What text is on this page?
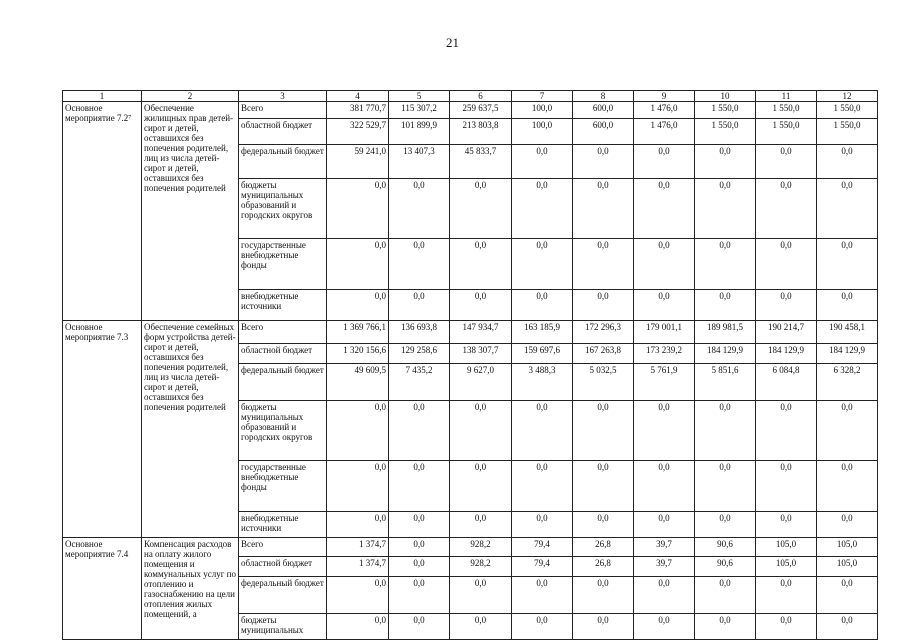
21
1	2	3	4	5	6	7	8	9	10	11	12
Основное мероприятие 7.2⁷	Обеспечение жилищных прав детей-сирот и детей, оставшихся без попечения родителей, лиц из числа детей-сирот и детей, оставшихся без попечения родителей	Всего	381 770,7	115 307,2	259 637,5	100,0	600,0	1 476,0	1 550,0	1 550,0	1 550,0
		областной бюджет	322 529,7	101 899,9	213 803,8	100,0	600,0	1 476,0	1 550,0	1 550,0	1 550,0
		федеральный бюджет	59 241,0	13 407,3	45 833,7	0,0	0,0	0,0	0,0	0,0	0,0
		бюджеты муниципальных образований и городских округов	0,0	0,0	0,0	0,0	0,0	0,0	0,0	0,0	0,0
		государственные внебюджетные фонды	0,0	0,0	0,0	0,0	0,0	0,0	0,0	0,0	0,0
		внебюджетные источники	0,0	0,0	0,0	0,0	0,0	0,0	0,0	0,0	0,0
Основное мероприятие 7.3	Обеспечение семейных форм устройства детей-сирот и детей, оставшихся без попечения родителей, лиц из числа детей-сирот и детей, оставшихся без попечения родителей	Всего	1 369 766,1	136 693,8	147 934,7	163 185,9	172 296,3	179 001,1	189 981,5	190 214,7	190 458,1
		областной бюджет	1 320 156,6	129 258,6	138 307,7	159 697,6	167 263,8	173 239,2	184 129,9	184 129,9	184 129,9
		федеральный бюджет	49 609,5	7 435,2	9 627,0	3 488,3	5 032,5	5 761,9	5 851,6	6 084,8	6 328,2
		бюджеты муниципальных образований и городских округов	0,0	0,0	0,0	0,0	0,0	0,0	0,0	0,0	0,0
		государственные внебюджетные фонды	0,0	0,0	0,0	0,0	0,0	0,0	0,0	0,0	0,0
		внебюджетные источники	0,0	0,0	0,0	0,0	0,0	0,0	0,0	0,0	0,0
Основное мероприятие 7.4	Компенсация расходов на оплату жилого помещения и коммунальных услуг по отоплению и газоснабжению на цели отопления жилых помещений, а	Всего	1 374,7	0,0	928,2	79,4	26,8	39,7	90,6	105,0	105,0
		областной бюджет	1 374,7	0,0	928,2	79,4	26,8	39,7	90,6	105,0	105,0
		федеральный бюджет	0,0	0,0	0,0	0,0	0,0	0,0	0,0	0,0	0,0
		бюджеты муниципальных	0,0	0,0	0,0	0,0	0,0	0,0	0,0	0,0	0,0
